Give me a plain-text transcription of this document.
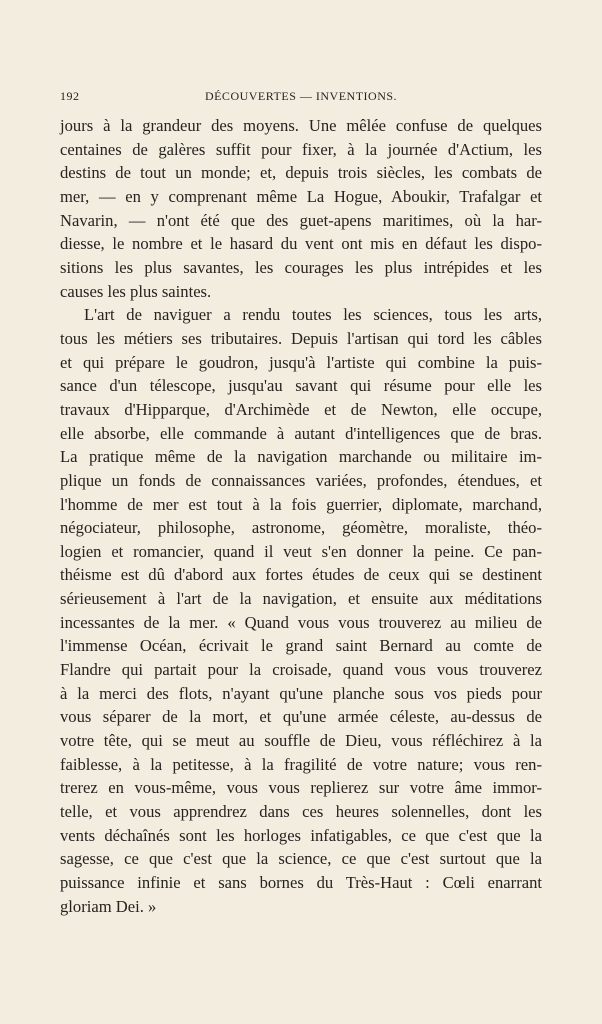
192	DÉCOUVERTES — INVENTIONS.
jours à la grandeur des moyens. Une mêlée confuse de quelques
centaines de galères suffit pour fixer, à la journée d'Actium, les
destins de tout un monde; et, depuis trois siècles, les combats de
mer, — en y comprenant même La Hogue, Aboukir, Trafalgar et
Navarin, — n'ont été que des guet-apens maritimes, où la har-
diesse, le nombre et le hasard du vent ont mis en défaut les dispo-
sitions les plus savantes, les courages les plus intrépides et les
causes les plus saintes.
L'art de naviguer a rendu toutes les sciences, tous les arts,
tous les métiers ses tributaires. Depuis l'artisan qui tord les câbles
et qui prépare le goudron, jusqu'à l'artiste qui combine la puis-
sance d'un télescope, jusqu'au savant qui résume pour elle les
travaux d'Hipparque, d'Archimède et de Newton, elle occupe,
elle absorbe, elle commande à autant d'intelligences que de bras.
La pratique même de la navigation marchande ou militaire im-
plique un fonds de connaissances variées, profondes, étendues, et
l'homme de mer est tout à la fois guerrier, diplomate, marchand,
négociateur, philosophe, astronome, géomètre, moraliste, théo-
logien et romancier, quand il veut s'en donner la peine. Ce pan-
théisme est dû d'abord aux fortes études de ceux qui se destinent
sérieusement à l'art de la navigation, et ensuite aux méditations
incessantes de la mer. « Quand vous vous trouverez au milieu de
l'immense Océan, écrivait le grand saint Bernard au comte de
Flandre qui partait pour la croisade, quand vous vous trouverez
à la merci des flots, n'ayant qu'une planche sous vos pieds pour
vous séparer de la mort, et qu'une armée céleste, au-dessus de
votre tête, qui se meut au souffle de Dieu, vous réfléchirez à la
faiblesse, à la petitesse, à la fragilité de votre nature; vous ren-
trerez en vous-même, vous vous replierez sur votre âme immor-
telle, et vous apprendrez dans ces heures solennelles, dont les
vents déchaînés sont les horloges infatigables, ce que c'est que la
sagesse, ce que c'est que la science, ce que c'est surtout que la
puissance infinie et sans bornes du Très-Haut : Cœli enarrant
gloriam Dei. »
